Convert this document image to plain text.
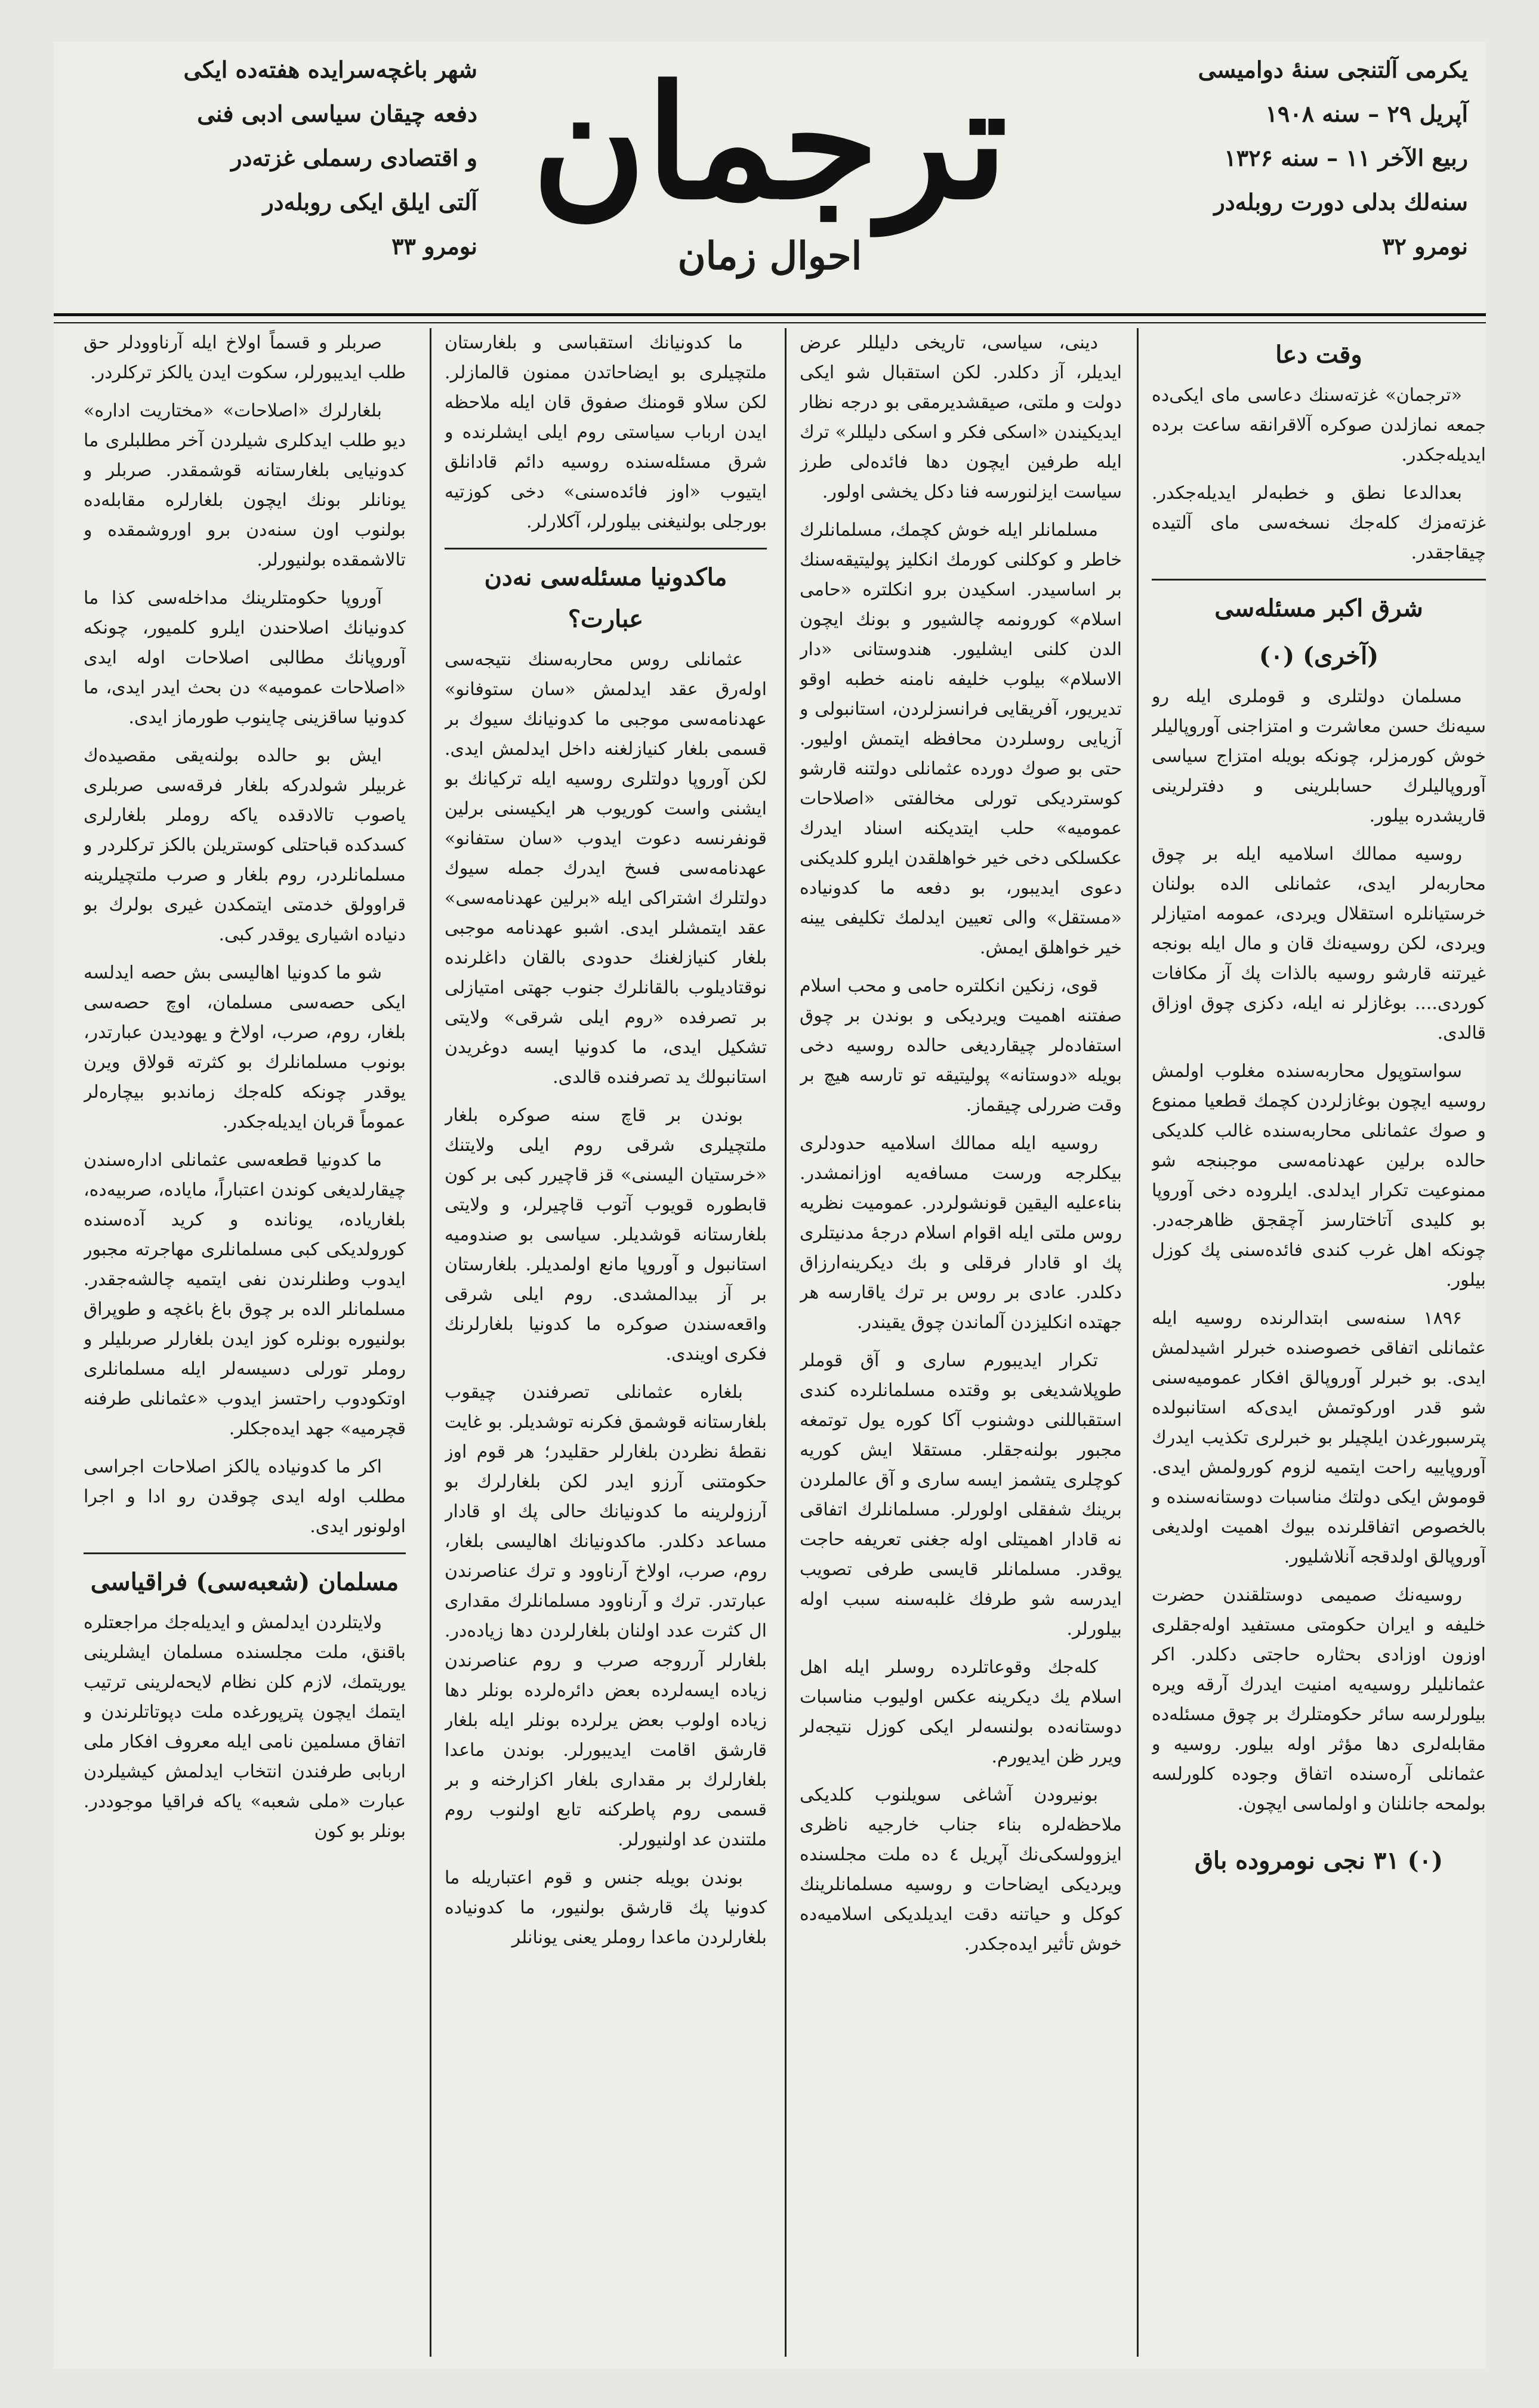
شهر باغچه‌سرایده هفته‌ده ایکی
دفعه چیقان سیاسی ادبی فنی
و اقتصادی رسملی غزته‌در
آلتی ایلق ایکی روبله‌در
نومرو ۳۳
ترجمان
احوال زمان
یکرمی آلتنجی سنهٔ دوامیسی
آپریل ۲۹ – سنه ۱۹۰۸
ربیع الآخر ۱۱ – سنه ۱۳۲۶
سنه‌لك بدلی دورت روبله‌در
نومرو ۳۲
وقت دعا

«ترجمان» غزته‌سنك دعاسی مای ایکی‌ده جمعه نمازلدن صوکره آلاقرانقه ساعت برده ایدیله‌جکدر.

بعدالدعا نطق و خطبه‌لر ایدیله‌جکدر. غزته‌مزك کله‌جك نسخه‌سی مای آلتیده چیقاجقدر.

شرق اکبر مسئله‌سی
(آخری) (۰)

مسلمان دولتلری و قوملری ایله رو سیه‌نك حسن معاشرت و امتزاجنی آوروپالیلر خوش کورمزلر، چونکه بویله امتزاج سیاسی آوروپالیلرك حسابلرینی و دفترلرینی قاریشدره بیلور.

روسیه ممالك اسلامیه ایله بر چوق محاربه‌لر ایدی، عثمانلی الده بولنان خرستیانلره استقلال ویردی، عمومه امتیازلر ویردی، لکن روسیه‌نك قان و مال ایله بونجه غیرتنه قارشو روسیه بالذات پك آز مکافات کوردی.... بوغازلر نه ایله، دکزی چوق اوزاق قالدی.

سواستوپول محاربه‌سنده مغلوب اولمش روسیه ایچون بوغازلردن کچمك قطعیا ممنوع و صوك عثمانلی محاربه‌سنده غالب کلدیکی حالده برلین عهدنامه‌سی موجبنجه شو ممنوعیت تکرار ایدلدی. ایلروده دخی آوروپا بو کلیدی آتاختارسز آچقجق ظاهرجه‌در. چونکه اهل غرب کندی فائده‌سنی پك کوزل بیلور.

۱۸۹۶ سنه‌سی ابتدالرنده روسیه ایله عثمانلی اتفاقی خصوصنده خبرلر اشیدلمش ایدی. بو خبرلر آوروپالق افکار عمومیه‌سنی شو قدر اوركوتمش ایدی‌که استانبولده پترسبورغدن ایلچیلر بو خبرلری تکذیب ایدرك آوروپاییه راحت ایتمیه لزوم کورولمش ایدی. قوموش ایکی دولتك مناسبات دوستانه‌سنده و بالخصوص اتفاقلرنده بیوك اهمیت اولدیغی آوروپالق اولدقجه آنلاشلیور.

روسیه‌نك صمیمی دوستلقندن حضرت خلیفه و ایران حکومتی مستفید اوله‌جقلری اوزون اوزادی بحثاره حاجتی دکلدر. اکر عثمانلیلر روسیه‌یه امنیت ایدرك آرقه ویره بیلورلرسه سائر حکومتلرك بر چوق مسئله‌ده مقابله‌لری دها مؤثر اوله بیلور. روسیه و عثمانلی آره‌سنده اتفاق وجوده کلورلسه بولمحه جانلنان و اولماسی ایچون.

(۰) ۳۱ نجی نومروده باق

دینی، سیاسی، تاریخی دلیللر عرض ایدیلر، آز دکلدر. لکن استقبال شو ایکی دولت و ملتی، صیقشدیرمقی بو درجه نظار ایدیکیندن «اسکی فکر و اسکی دلیللر» ترك ایله طرفین ایچون دها فائده‌لی طرز سیاست ایزلنورسه فنا دکل یخشی اولور.

مسلمانلر ایله خوش کچمك، مسلمانلرك خاطر و کوکلنی کورمك انکلیز پولیتیقه‌سنك بر اساسیدر. اسکیدن برو انکلتره «حامی اسلام» کورونمه چالشیور و بونك ایچون الدن کلنی ایشلیور. هندوستانی «دار الاسلام» بیلوب خلیفه نامنه خطبه اوقو تدیریور، آفریقایی فرانسزلردن، استانبولی و آزیایی روسلردن محافظه ایتمش اولیور. حتی بو صوك دورده عثمانلی دولتنه قارشو کوستردیکی تورلی مخالفتی «اصلاحات عمومیه» حلب ایتدیکنه اسناد ایدرك عکسلکی دخی خیر خواهلقدن ایلرو کلدیکنی دعوی ایدیبور، بو دفعه ما کدونیاده «مستقل» والی تعیین ایدلمك تکلیفی یینه خیر خواهلق ایمش.

قوی، زنکین انکلتره حامی و محب اسلام صفتنه اهمیت ویردیکی و بوندن بر چوق استفاده‌لر چیقاردیغی حالده روسیه دخی بویله «دوستانه» پولیتیقه تو تارسه هیچ بر وقت ضررلی چیقماز.

روسیه ایله ممالك اسلامیه حدودلری بیکلرجه ورست مسافه‌یه اوزانمشدر. بناءعلیه الیقین قونشولردر. عمومیت نظریه روس ملتی ایله اقوام اسلام درجهٔ مدنیتلری پك او قادار فرقلی و بك دیکرینه‌ارزاق دکلدر. عادی بر روس بر ترك یاقارسه هر جهتده انکلیزدن آلماندن چوق یقیندر.

تکرار ایدیبورم ساری و آق قوملر طوپلاشدیغی بو وقتده مسلمانلرده کندی استقباللنی دوشنوب آکا کوره یول توتمغه مجبور بولنه‌جقلر. مستقلا ایش کوریه کوچلری یتشمز ایسه ساری و آق عالملردن برینك شفقلی اولورلر. مسلمانلرك اتفاقی نه قادار اهمیتلی اوله جغنی تعریفه حاجت یوقدر. مسلمانلر قایسی طرفی تصویب ایدرسه شو طرفك غلبه‌سنه سبب اوله بیلورلر.

کله‌جك وقوعاتلرده روسلر ایله اهل اسلام یك دیکرینه عکس اولیوب مناسبات دوستانه‌ده بولنسه‌لر ایکی کوزل نتیجه‌لر ویرر ظن ایدیورم.

بونیرودن آشاغی سویلنوب کلدیکی ملاحظه‌لره بناء جناب خارجیه ناظری ایزوولسکی‌نك آپریل ٤ ده ملت مجلسنده ویردیکی ایضاحات و روسیه مسلمانلرینك کوکل و حیاتنه دقت ایدیلدیکی اسلامیه‌ده خوش تأثیر ایده‌جکدر.

ما کدونیانك استقباسی و بلغارستان ملتچیلری بو ایضاحاتدن ممنون قالمازلر. لکن سلاو قومنك صفوق قان ایله ملاحظه ایدن ارباب سیاستی روم ایلی ایشلرنده و شرق مسئله‌سنده روسیه دائم قادانلق ایتیوب «اوز فائده‌سنی» دخی کوزتیه بورجلی بولنیغنی بیلورلر، آکلارلر.

ماکدونیا مسئله‌سی نه‌دن عبارت؟

عثمانلی روس محاربه‌سنك نتیجه‌سی اوله‌رق عقد ایدلمش «سان ستوفانو» عهدنامه‌سی موجبی ما کدونیانك سیوك بر قسمی بلغار کنیازلغنه داخل ایدلمش ایدی. لکن آوروپا دولتلری روسیه ایله ترکیانك بو ایشنی واست کوریوب هر ایکیسنی برلین قونفرنسه دعوت ایدوب «سان ستفانو» عهدنامه‌سی فسخ ایدرك جمله سیوك دولتلرك اشتراکی ایله «برلین عهدنامه‌سی» عقد ایتمشلر ایدی. اشبو عهدنامه موجبی بلغار کنیازلغنك حدودی بالقان داغلرنده نوقتادیلوب بالقانلرك جنوب جهتی امتیازلی بر تصرفده «روم ایلی شرقی» ولایتی تشکیل ایدی، ما کدونیا ایسه دوغریدن استانبولك ید تصرفنده قالدی.

بوندن بر قاچ سنه صوکره بلغار ملتچیلری شرقی روم ایلی ولایتنك «خرستیان الیسنی» قز قاچیرر کبی بر کون قابطوره قویوب آتوب قاچیرلر، و ولایتی بلغارستانه قوشدیلر. سیاسی بو صندومیه استانبول و آوروپا مانع اولمدیلر. بلغارستان بر آز بیدالمشدی. روم ایلی شرقی واقعه‌سندن صوکره ما کدونیا بلغارلرنك فکری اویندی.

بلغاره عثمانلی تصرفندن چیقوب بلغارستانه قوشمق فکرنه توشدیلر. بو غایت نقطهٔ نظردن بلغارلر حقلیدر؛ هر قوم اوز حکومتنی آرزو ایدر لکن بلغارلرك بو آرزولرینه ما کدونیانك حالی پك او قادار مساعد دکلدر. ماکدونیانك اهالیسی بلغار، روم، صرب، اولاخ آرناوود و ترك عناصرندن عبارتدر. ترك و آرناوود مسلمانلرك مقداری ال کثرت عدد اولنان بلغارلردن دها زیاده‌در. بلغارلر آرروجه صرب و روم عناصرندن زیاده ایسه‌لرده بعض دائره‌لرده بونلر دها زیاده اولوب بعض یرلرده بونلر ایله بلغار قارشق اقامت ایدیبورلر. بوندن ماعدا بلغارلرك بر مقداری بلغار اکزارخنه و بر قسمی روم پاطرکنه تابع اولنوب روم ملتندن عد اولنیورلر.

بوندن بویله جنس و قوم اعتباریله ما کدونیا پك قارشق بولنیور، ما کدونیاده بلغارلردن ماعدا روملر یعنی یونانلر

صربلر و قسماً اولاخ ایله آرناوودلر حق طلب ایدیبورلر، سکوت ایدن یالکز ترکلردر.

بلغارلرك «اصلاحات» «مختاریت اداره» دیو طلب ایدکلری شیلردن آخر مطلبلری ما کدونیایی بلغارستانه قوشمقدر. صربلر و یونانلر بونك ایچون بلغارلره مقابله‌ده بولنوب اون سنه‌دن برو اوروشمقده و تالاشمقده بولنیورلر.

آوروپا حکومتلرینك مداخله‌سی کذا ما کدونیانك اصلاحندن ایلرو کلمیور، چونکه آوروپانك مطالبی اصلاحات اوله ایدی «اصلاحات عمومیه» دن بحث ایدر ایدی، ما کدونیا ساقزینی چاینوب طورماز ایدی.

ایش بو حالده بولنه‌یقی مقصیده‌ك غربیلر شولدرکه بلغار فرقه‌سی صربلری یاصوب تالادقده یاکه روملر بلغارلری کسدکده قباحتلی کوستریلن بالکز ترکلردر و مسلمانلردر، روم بلغار و صرب ملتچیلرینه قراوولق خدمتی ایتمکدن غیری بولرك بو دنیاده اشیاری یوقدر کبی.

شو ما کدونیا اهالیسی بش حصه ایدلسه ایکی حصه‌سی مسلمان، اوچ حصه‌سی بلغار، روم، صرب، اولاخ و یهودیدن عبارتدر، بونوب مسلمانلرك بو کثرته قولاق ویرن یوقدر چونکه کله‌جك زماندبو بیچاره‌لر عموماً قربان ایدیله‌جکدر.

ما کدونیا قطعه‌سی عثمانلی اداره‌سندن چیقارلدیغی کوندن اعتباراً، مایاده، صربیه‌ده، بلغاریاده، یونانده و کرید آده‌سنده کورولدیکی کبی مسلمانلری مهاجرته مجبور ایدوب وطنلرندن نفی ایتمیه چالشه‌جقدر. مسلمانلر الده بر چوق باغ باغچه و طوپراق بولنیوره بونلره کوز ایدن بلغارلر صربلیلر و روملر تورلی دسیسه‌لر ایله مسلمانلری اوتکودوب راحتسز ایدوب «عثمانلی طرفنه قچرمیه» جهد ایده‌جکلر.

اکر ما کدونیاده یالکز اصلاحات اجراسی مطلب اوله ایدی چوقدن رو ادا و اجرا اولونور ایدی.

مسلمان (شعبه‌سی) فراقیاسی

ولایتلردن ایدلمش و ایدیله‌جك مراجعتلره باقنق، ملت مجلسنده مسلمان ایشلرینی یوریتمك، لازم کلن نظام لایحه‌لرینی ترتیب ایتمك ایچون پترپورغده ملت دپوتاتلرندن و اتفاق مسلمین نامی ایله معروف افکار ملی اربابی طرفندن انتخاب ایدلمش کیشیلردن عبارت «ملی شعبه» یاکه فراقیا موجوددر. بونلر بو کون
